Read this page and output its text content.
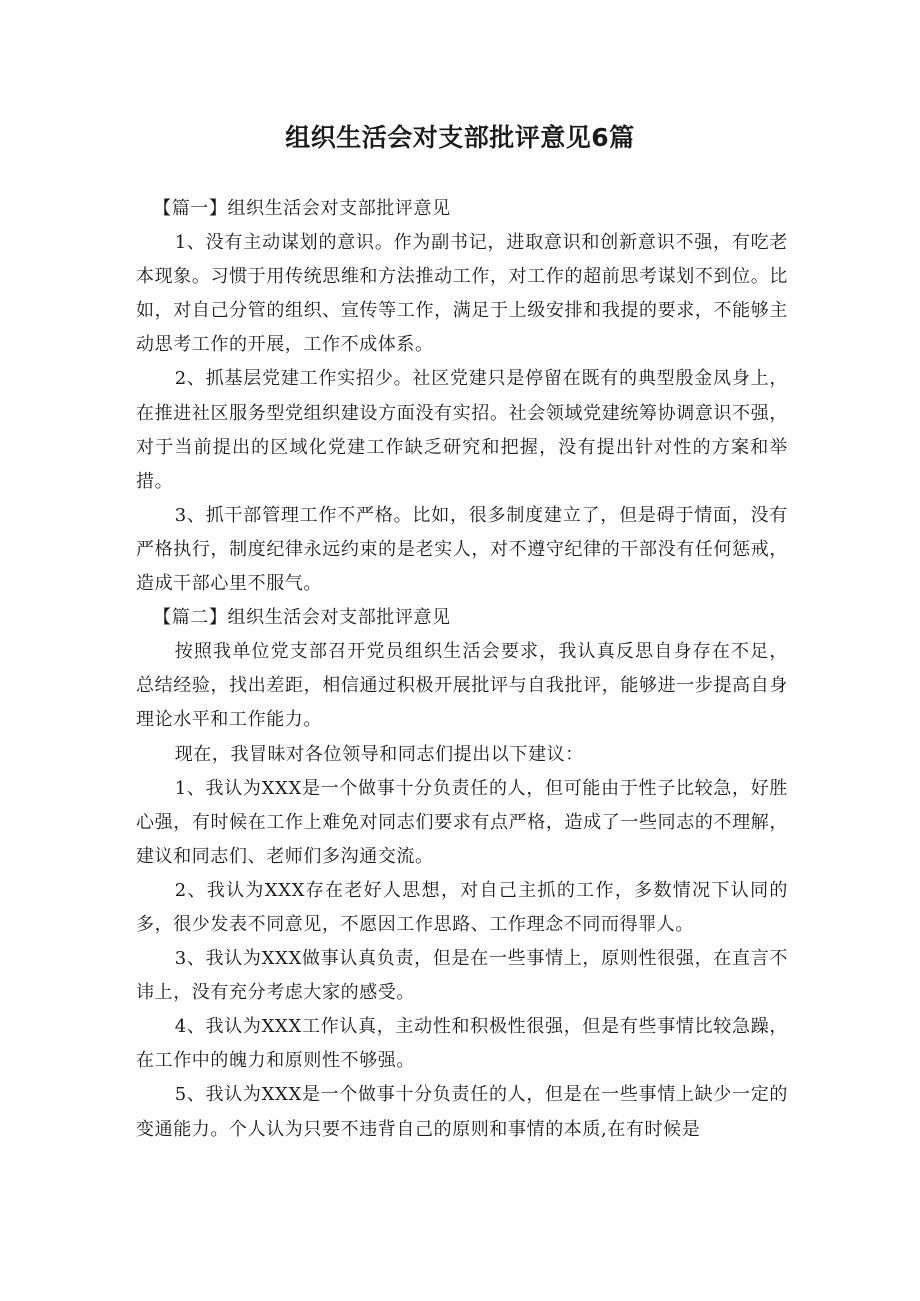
组织生活会对支部批评意见6篇

【篇一】组织生活会对支部批评意见

1、没有主动谋划的意识。作为副书记，进取意识和创新意识不强，有吃老本现象。习惯于用传统思维和方法推动工作，对工作的超前思考谋划不到位。比如，对自己分管的组织、宣传等工作，满足于上级安排和我提的要求，不能够主动思考工作的开展，工作不成体系。

2、抓基层党建工作实招少。社区党建只是停留在既有的典型殷金凤身上，在推进社区服务型党组织建设方面没有实招。社会领域党建统筹协调意识不强，对于当前提出的区域化党建工作缺乏研究和把握，没有提出针对性的方案和举措。

3、抓干部管理工作不严格。比如，很多制度建立了，但是碍于情面，没有严格执行，制度纪律永远约束的是老实人，对不遵守纪律的干部没有任何惩戒，造成干部心里不服气。

【篇二】组织生活会对支部批评意见

按照我单位党支部召开党员组织生活会要求，我认真反思自身存在不足，总结经验，找出差距，相信通过积极开展批评与自我批评，能够进一步提高自身理论水平和工作能力。

现在，我冒昧对各位领导和同志们提出以下建议：

1、我认为XXX是一个做事十分负责任的人，但可能由于性子比较急，好胜心强，有时候在工作上难免对同志们要求有点严格，造成了一些同志的不理解，建议和同志们、老师们多沟通交流。

2、我认为XXX存在老好人思想，对自己主抓的工作，多数情况下认同的多，很少发表不同意见，不愿因工作思路、工作理念不同而得罪人。

3、我认为XXX做事认真负责，但是在一些事情上，原则性很强，在直言不讳上，没有充分考虑大家的感受。

4、我认为XXX工作认真，主动性和积极性很强，但是有些事情比较急躁，在工作中的魄力和原则性不够强。

5、我认为XXX是一个做事十分负责任的人，但是在一些事情上缺少一定的变通能力。个人认为只要不违背自己的原则和事情的本质,在有时候是
